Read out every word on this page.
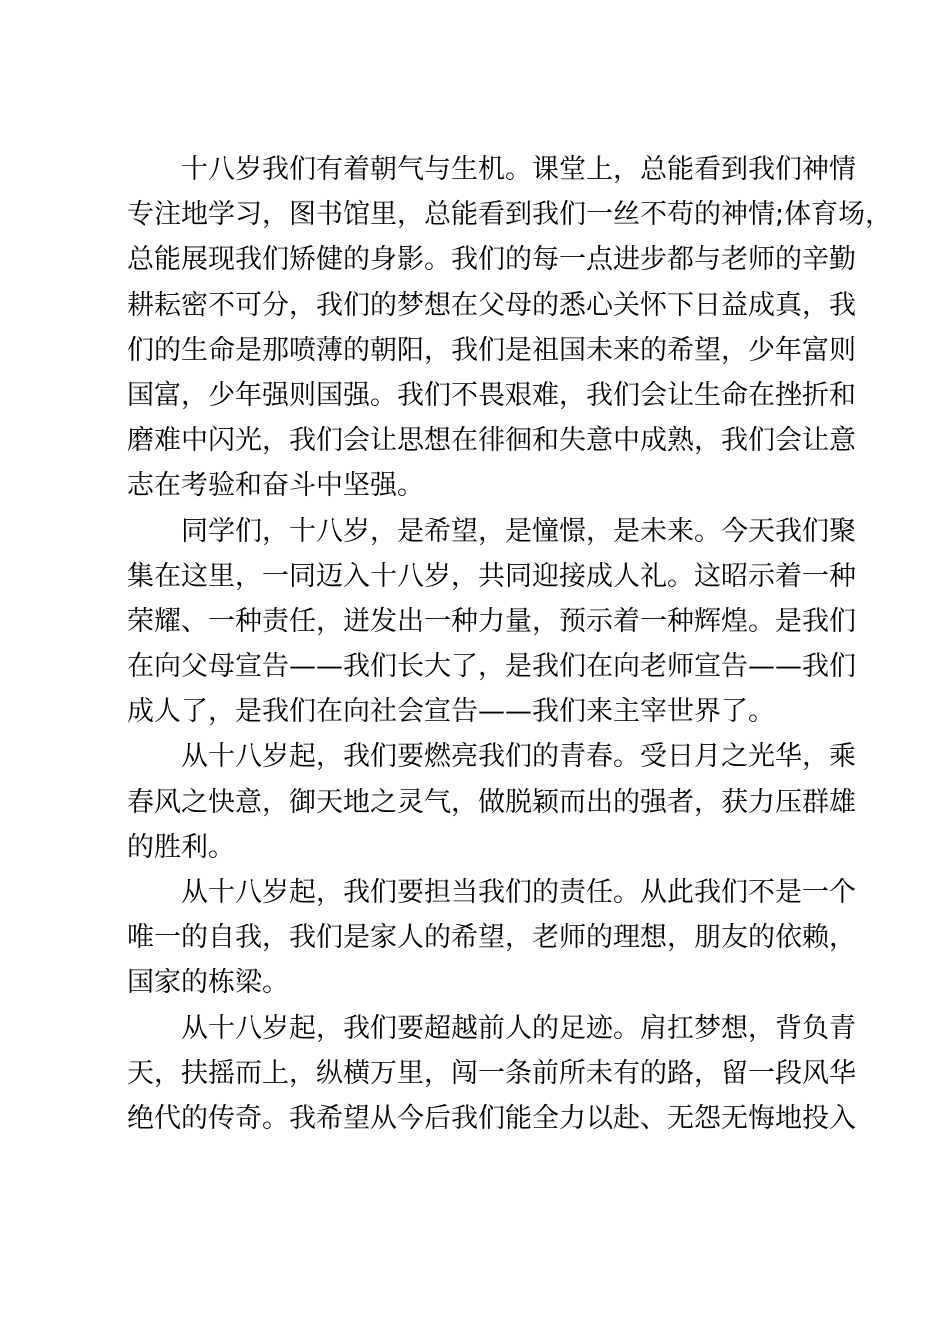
十八岁我们有着朝气与生机。课堂上，总能看到我们神情
专注地学习，图书馆里，总能看到我们一丝不苟的神情;体育场，
总能展现我们矫健的身影。我们的每一点进步都与老师的辛勤
耕耘密不可分，我们的梦想在父母的悉心关怀下日益成真，我
们的生命是那喷薄的朝阳，我们是祖国未来的希望，少年富则
国富，少年强则国强。我们不畏艰难，我们会让生命在挫折和
磨难中闪光，我们会让思想在徘徊和失意中成熟，我们会让意
志在考验和奋斗中坚强。
同学们，十八岁，是希望，是憧憬，是未来。今天我们聚
集在这里，一同迈入十八岁，共同迎接成人礼。这昭示着一种
荣耀、一种责任，迸发出一种力量，预示着一种辉煌。是我们
在向父母宣告——我们长大了，是我们在向老师宣告——我们
成人了，是我们在向社会宣告——我们来主宰世界了。
从十八岁起，我们要燃亮我们的青春。受日月之光华，乘
春风之快意，御天地之灵气，做脱颖而出的强者，获力压群雄
的胜利。
从十八岁起，我们要担当我们的责任。从此我们不是一个
唯一的自我，我们是家人的希望，老师的理想，朋友的依赖，
国家的栋梁。
从十八岁起，我们要超越前人的足迹。肩扛梦想，背负青
天，扶摇而上，纵横万里，闯一条前所未有的路，留一段风华
绝代的传奇。我希望从今后我们能全力以赴、无怨无悔地投入
